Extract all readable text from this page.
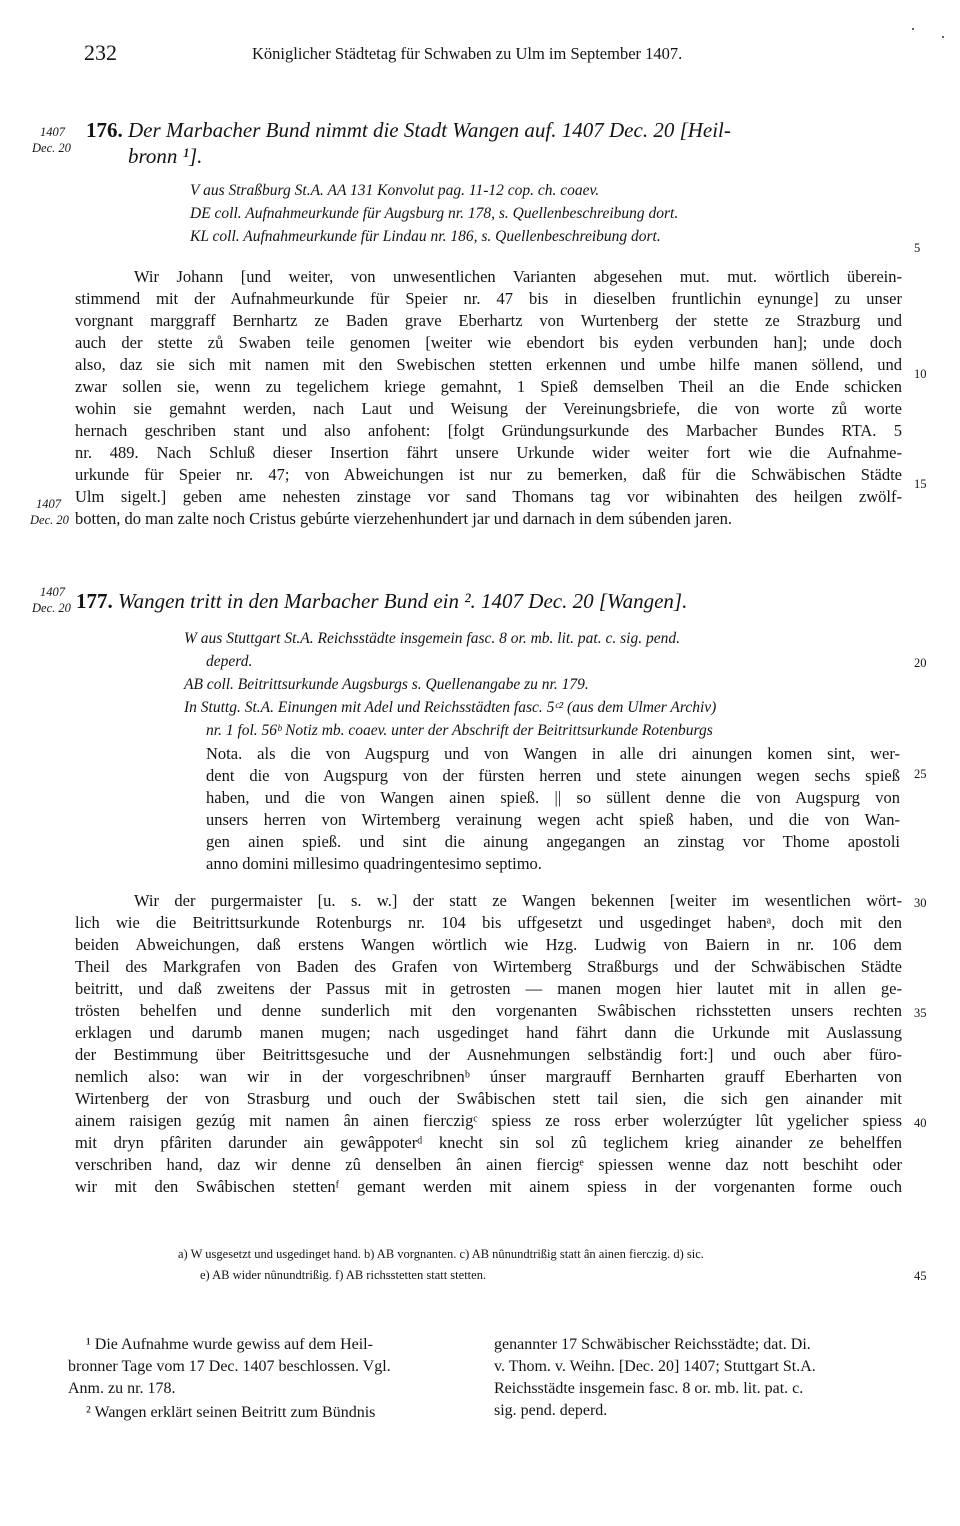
232	Königlicher Städtetag für Schwaben zu Ulm im September 1407.
1407
Dec. 20
176. Der Marbacher Bund nimmt die Stadt Wangen auf. 1407 Dec. 20 [Heil-
bronn ¹].
V aus Straßburg St.A. AA 131 Konvolut pag. 11-12 cop. ch. coaev.
DE coll. Aufnahmeurkunde für Augsburg nr. 178, s. Quellenbeschreibung dort.
KL coll. Aufnahmeurkunde für Lindau nr. 186, s. Quellenbeschreibung dort.
Wir Johann [und weiter, von unwesentlichen Varianten abgesehen mut. mut. wörtlich überein-
stimmend mit der Aufnahmeurkunde für Speier nr. 47 bis in dieselben fruntlichin eynunge] zu unser
vorgnant marggraff Bernhartz ze Baden grave Eberhartz von Wurtenberg der stette ze Strazburg und
auch der stette zů Swaben teile genomen [weiter wie ebendort bis eyden verbunden han]; unde doch
also, daz sie sich mit namen mit den Swebischen stetten erkennen und umbe hilfe manen söllend, und
zwar sollen sie, wenn zu tegelichem kriege gemahnt, 1 Spieß demselben Theil an die Ende schicken
wohin sie gemahnt werden, nach Laut und Weisung der Vereinungsbriefe, die von worte zů worte
hernach geschriben stant und also anfohent: [folgt Gründungsurkunde des Marbacher Bundes RTA. 5
nr. 489. Nach Schluß dieser Insertion fährt unsere Urkunde wider weiter fort wie die Aufnahme-
urkunde für Speier nr. 47; von Abweichungen ist nur zu bemerken, daß für die Schwäbischen Städte
Ulm sigelt.] geben ame nehesten zinstage vor sand Thomans tag vor wibinahten des heilgen zwölf-
botten, do man zalte noch Cristus gebúrte vierzehenhundert jar und darnach in dem súbenden jaren.
1407
Dec. 20
1407
Dec. 20 177. Wangen tritt in den Marbacher Bund ein ². 1407 Dec. 20 [Wangen].
W aus Stuttgart St.A. Reichsstädte insgemein fasc. 8 or. mb. lit. pat. c. sig. pend.
deperd.
AB coll. Beitrittsurkunde Augsburgs s. Quellenangabe zu nr. 179.
In Stuttg. St.A. Einungen mit Adel und Reichsstädten fasc. 5ᶜ² (aus dem Ulmer Archiv)
nr. 1 fol. 56ᵇ Notiz mb. coaev. unter der Abschrift der Beitrittsurkunde Rotenburgs
Nota. als die von Augspurg und von Wangen in alle dri ainungen komen sint, wer-
dent die von Augspurg von der fürsten herren und stete ainungen wegen sechs spieß
haben, und die von Wangen ainen spieß. || so süllent denne die von Augspurg von
unsers herren von Wirtemberg verainung wegen acht spieß haben, und die von Wan-
gen ainen spieß. und sint die ainung angegangen an zinstag vor Thome apostoli
anno domini millesimo quadringentesimo septimo.
Wir der purgermaister [u. s. w.] der statt ze Wangen bekennen [weiter im wesentlichen wört-
lich wie die Beitrittsurkunde Rotenburgs nr. 104 bis uffgesetzt und usgedinget habenᵃ, doch mit den
beiden Abweichungen, daß erstens Wangen wörtlich wie Hzg. Ludwig von Baiern in nr. 106 dem
Theil des Markgrafen von Baden des Grafen von Wirtemberg Straßburgs und der Schwäbischen Städte
beitritt, und daß zweitens der Passus mit in getrosten — manen mogen hier lautet mit in allen ge-
trösten behelfen und denne sunderlich mit den vorgenanten Swâbischen richsstetten unsers rechten
erklagen und darumb manen mugen; nach usgedinget hand fährt dann die Urkunde mit Auslassung
der Bestimmung über Beitrittsgesuche und der Ausnehmungen selbständig fort:] und ouch aber füro-
nemlich also: wan wir in der vorgeschribnenᵇ únser margrauff Bernharten grauff Eberharten von
Wirtenberg der von Strasburg und ouch der Swâbischen stett tail sien, die sich gen ainander mit
ainem raisigen gezúg mit namen ân ainen fierczigᶜ spiess ze ross erber wolerzúgter lût ygelicher spiess
mit dryn pfâriten darunder ain gewâppoterᵈ knecht sin sol zû teglichem krieg ainander ze behelffen
verschriben hand, daz wir denne zû denselben ân ainen fiercigᵉ spiessen wenne daz nott beschiht oder
wir mit den Swâbischen stettenᶠ gemant werden mit ainem spiess in der vorgenanten forme ouch
5
10
15
20
25
30
35
40
45
a) W usgesetzt und usgedinget hand. b) AB vorgnanten. c) AB nûnundtrißig statt ân ainen fierczig. d) sic.
e) AB wider nûnundtrißig. f) AB richsstetten statt stetten.
¹ Die Aufnahme wurde gewiss auf dem Heil-
bronner Tage vom 17 Dec. 1407 beschlossen. Vgl.
Anm. zu nr. 178.
² Wangen erklärt seinen Beitritt zum Bündnis
genannter 17 Schwäbischer Reichsstädte; dat. Di.
v. Thom. v. Weihn. [Dec. 20] 1407; Stuttgart St.A.
Reichsstädte insgemein fasc. 8 or. mb. lit. pat. c.
sig. pend. deperd.
